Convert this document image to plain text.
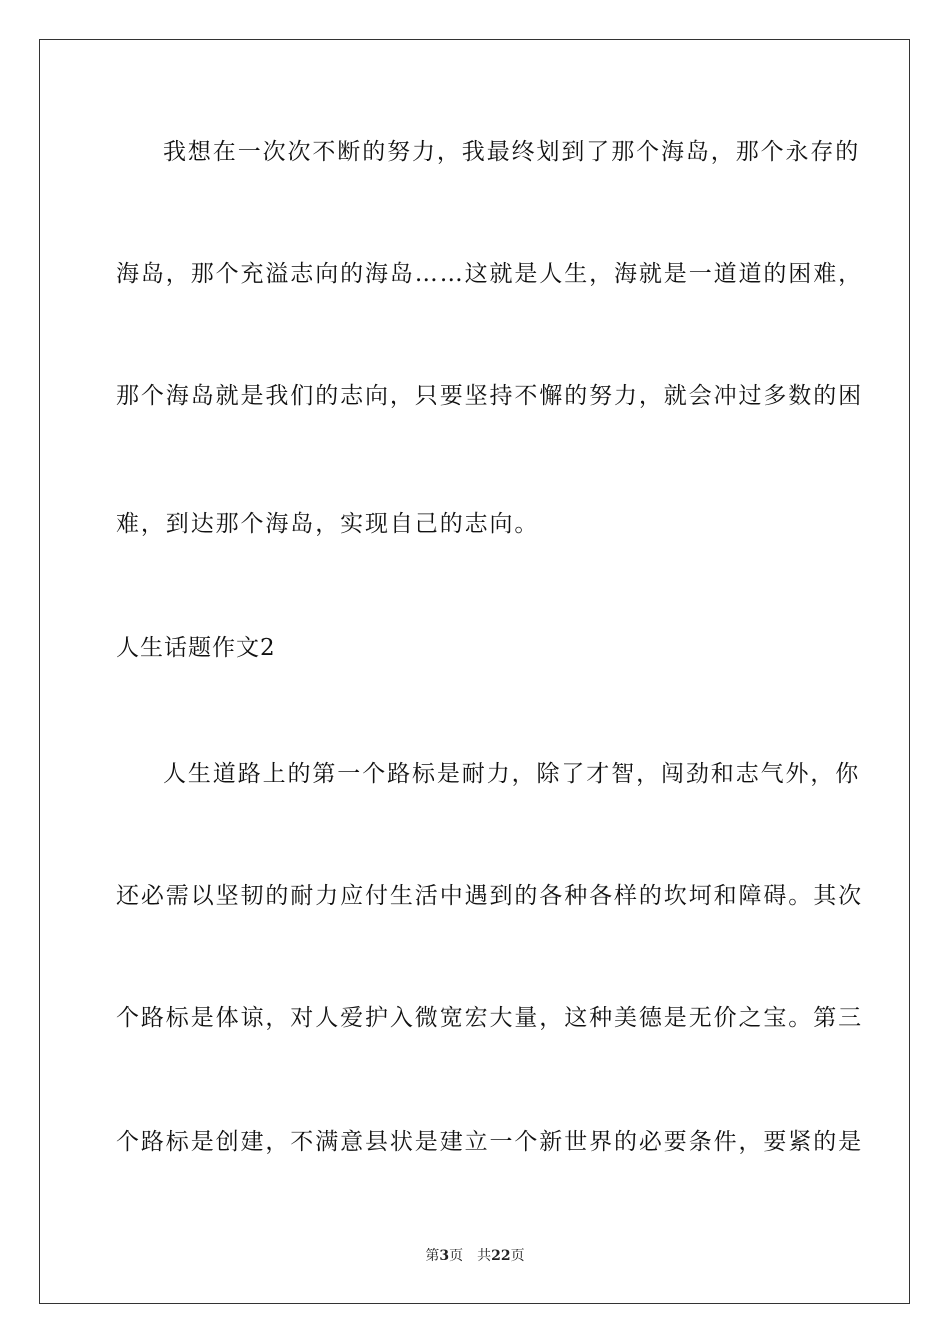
我想在一次次不断的努力，我最终划到了那个海岛，那个永存的
海岛，那个充溢志向的海岛……这就是人生，海就是一道道的困难，
那个海岛就是我们的志向，只要坚持不懈的努力，就会冲过多数的困
难，到达那个海岛，实现自己的志向。
人生话题作文2
人生道路上的第一个路标是耐力，除了才智，闯劲和志气外，你
还必需以坚韧的耐力应付生活中遇到的各种各样的坎坷和障碍。其次
个路标是体谅，对人爱护入微宽宏大量，这种美德是无价之宝。第三
个路标是创建，不满意县状是建立一个新世界的必要条件，要紧的是
第3页 共22页
